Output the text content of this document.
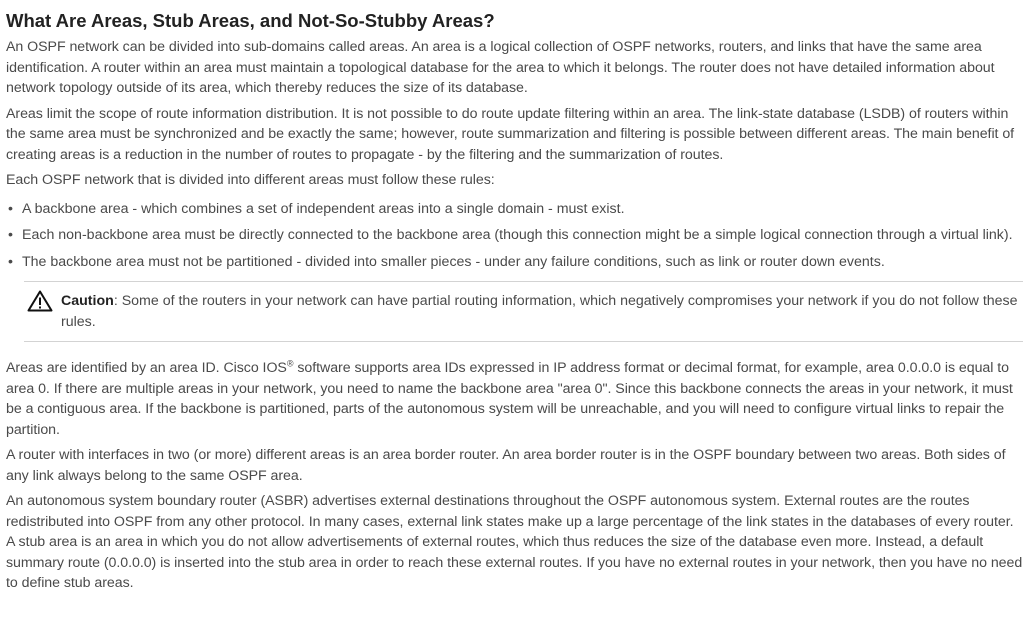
What Are Areas, Stub Areas, and Not-So-Stubby Areas?

An OSPF network can be divided into sub-domains called areas. An area is a logical collection of OSPF networks, routers, and links that have the same area identification. A router within an area must maintain a topological database for the area to which it belongs. The router does not have detailed information about network topology outside of its area, which thereby reduces the size of its database.

Areas limit the scope of route information distribution. It is not possible to do route update filtering within an area. The link-state database (LSDB) of routers within the same area must be synchronized and be exactly the same; however, route summarization and filtering is possible between different areas. The main benefit of creating areas is a reduction in the number of routes to propagate - by the filtering and the summarization of routes.

Each OSPF network that is divided into different areas must follow these rules:

• A backbone area - which combines a set of independent areas into a single domain - must exist.
• Each non-backbone area must be directly connected to the backbone area (though this connection might be a simple logical connection through a virtual link).
• The backbone area must not be partitioned - divided into smaller pieces - under any failure conditions, such as link or router down events.
Caution: Some of the routers in your network can have partial routing information, which negatively compromises your network if you do not follow these rules.

Areas are identified by an area ID. Cisco IOS® software supports area IDs expressed in IP address format or decimal format, for example, area 0.0.0.0 is equal to area 0. If there are multiple areas in your network, you need to name the backbone area "area 0". Since this backbone connects the areas in your network, it must be a contiguous area. If the backbone is partitioned, parts of the autonomous system will be unreachable, and you will need to configure virtual links to repair the partition.

A router with interfaces in two (or more) different areas is an area border router. An area border router is in the OSPF boundary between two areas. Both sides of any link always belong to the same OSPF area.

An autonomous system boundary router (ASBR) advertises external destinations throughout the OSPF autonomous system. External routes are the routes redistributed into OSPF from any other protocol. In many cases, external link states make up a large percentage of the link states in the databases of every router. A stub area is an area in which you do not allow advertisements of external routes, which thus reduces the size of the database even more. Instead, a default summary route (0.0.0.0) is inserted into the stub area in order to reach these external routes. If you have no external routes in your network, then you have no need to define stub areas.
